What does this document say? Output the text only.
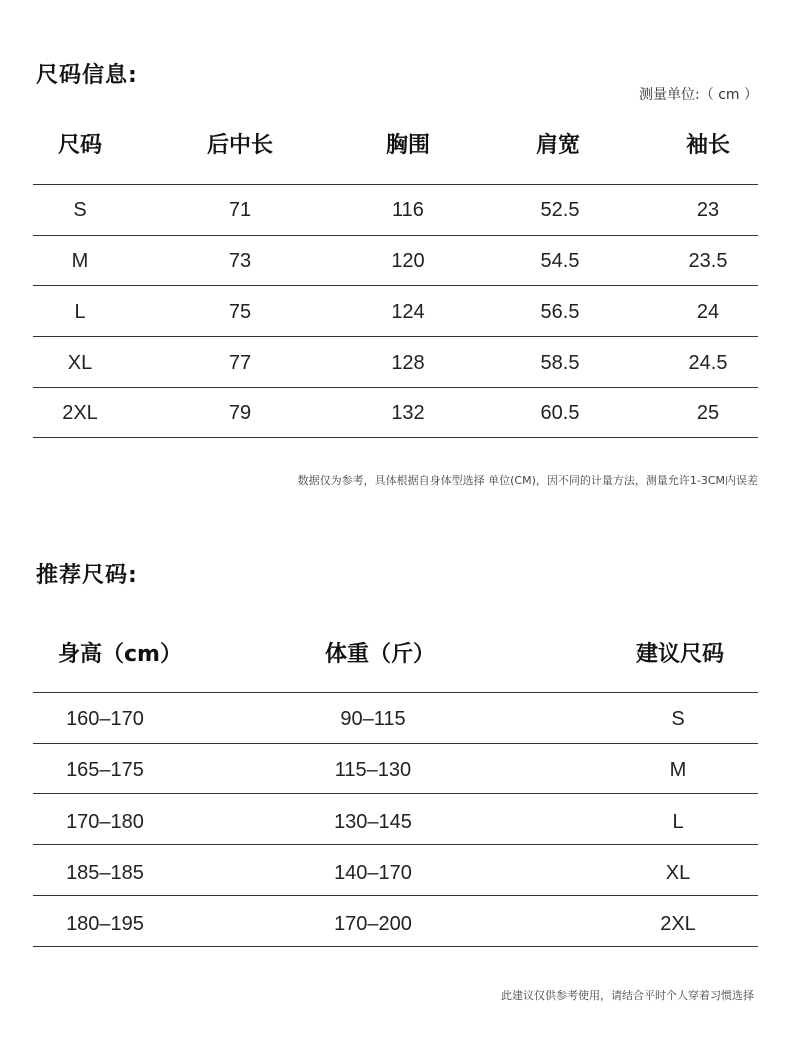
尺码信息:
测量单位:（ cm ）
尺码	后中长	胸围	肩宽	袖长
S	71	116	52.5	23
M	73	120	54.5	23.5
L	75	124	56.5	24
XL	77	128	58.5	24.5
2XL	79	132	60.5	25
数据仅为参考，具体根据自身体型选择 单位(CM)，因不同的计量方法，测量允许1-3CM内误差
推荐尺码:
身高（cm）	体重（斤）	建议尺码
160–170	90–115	S
165–175	115–130	M
170–180	130–145	L
185–185	140–170	XL
180–195	170–200	2XL
此建议仅供参考使用，请结合平时个人穿着习惯选择
